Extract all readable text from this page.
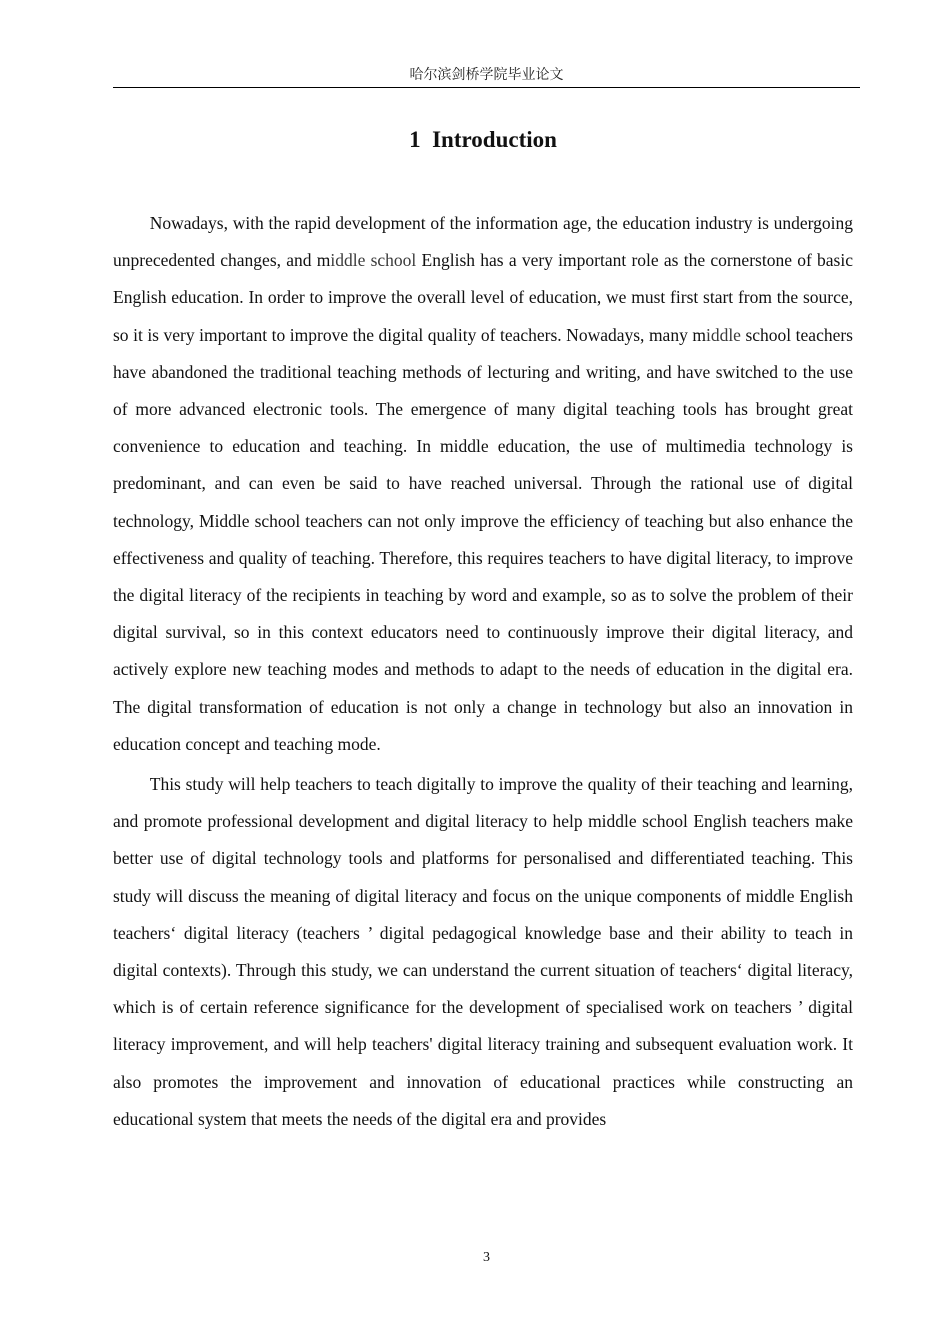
哈尔滨剑桥学院毕业论文
1  Introduction

Nowadays, with the rapid development of the information age, the education industry is undergoing unprecedented changes, and middle school English has a very important role as the cornerstone of basic English education. In order to improve the overall level of education, we must first start from the source, so it is very important to improve the digital quality of teachers. Nowadays, many middle school teachers have abandoned the traditional teaching methods of lecturing and writing, and have switched to the use of more advanced electronic tools. The emergence of many digital teaching tools has brought great convenience to education and teaching. In middle education, the use of multimedia technology is predominant, and can even be said to have reached universal. Through the rational use of digital technology, Middle school teachers can not only improve the efficiency of teaching but also enhance the effectiveness and quality of teaching. Therefore, this requires teachers to have digital literacy, to improve the digital literacy of the recipients in teaching by word and example, so as to solve the problem of their digital survival, so in this context educators need to continuously improve their digital literacy, and actively explore new teaching modes and methods to adapt to the needs of education in the digital era. The digital transformation of education is not only a change in technology but also an innovation in education concept and teaching mode.

This study will help teachers to teach digitally to improve the quality of their teaching and learning, and promote professional development and digital literacy to help middle school English teachers make better use of digital technology tools and platforms for personalised and differentiated teaching. This study will discuss the meaning of digital literacy and focus on the unique components of middle English teachers‘ digital literacy (teachers ’ digital pedagogical knowledge base and their ability to teach in digital contexts). Through this study, we can understand the current situation of teachers‘ digital literacy, which is of certain reference significance for the development of specialised work on teachers ’ digital literacy improvement, and will help teachers' digital literacy training and subsequent evaluation work. It also promotes the improvement and innovation of educational practices while constructing an educational system that meets the needs of the digital era and provides

3
